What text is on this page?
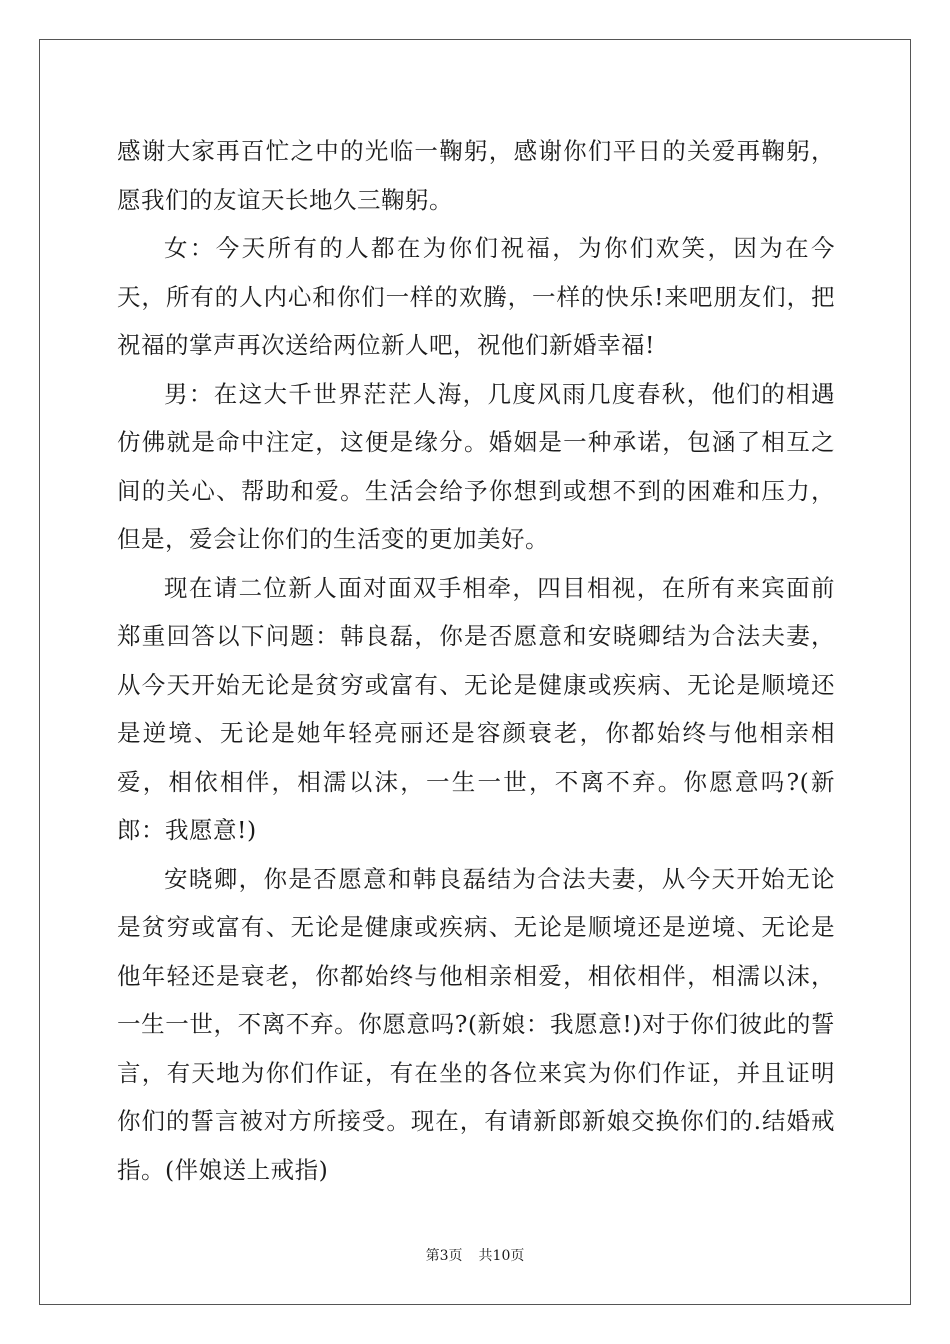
感谢大家再百忙之中的光临一鞠躬，感谢你们平日的关爱再鞠躬，愿我们的友谊天长地久三鞠躬。

女：今天所有的人都在为你们祝福，为你们欢笑，因为在今天，所有的人内心和你们一样的欢腾，一样的快乐!来吧朋友们，把祝福的掌声再次送给两位新人吧，祝他们新婚幸福!

男：在这大千世界茫茫人海，几度风雨几度春秋，他们的相遇仿佛就是命中注定，这便是缘分。婚姻是一种承诺，包涵了相互之间的关心、帮助和爱。生活会给予你想到或想不到的困难和压力，但是，爱会让你们的生活变的更加美好。

现在请二位新人面对面双手相牵，四目相视，在所有来宾面前郑重回答以下问题：韩良磊，你是否愿意和安晓卿结为合法夫妻，从今天开始无论是贫穷或富有、无论是健康或疾病、无论是顺境还是逆境、无论是她年轻亮丽还是容颜衰老，你都始终与他相亲相爱，相依相伴，相濡以沫，一生一世，不离不弃。你愿意吗?(新郎：我愿意!)

安晓卿，你是否愿意和韩良磊结为合法夫妻，从今天开始无论是贫穷或富有、无论是健康或疾病、无论是顺境还是逆境、无论是他年轻还是衰老，你都始终与他相亲相爱，相依相伴，相濡以沫，一生一世，不离不弃。你愿意吗?(新娘：我愿意!)对于你们彼此的誓言，有天地为你们作证，有在坐的各位来宾为你们作证，并且证明你们的誓言被对方所接受。现在，有请新郎新娘交换你们的.结婚戒指。(伴娘送上戒指)

第3页 共10页
